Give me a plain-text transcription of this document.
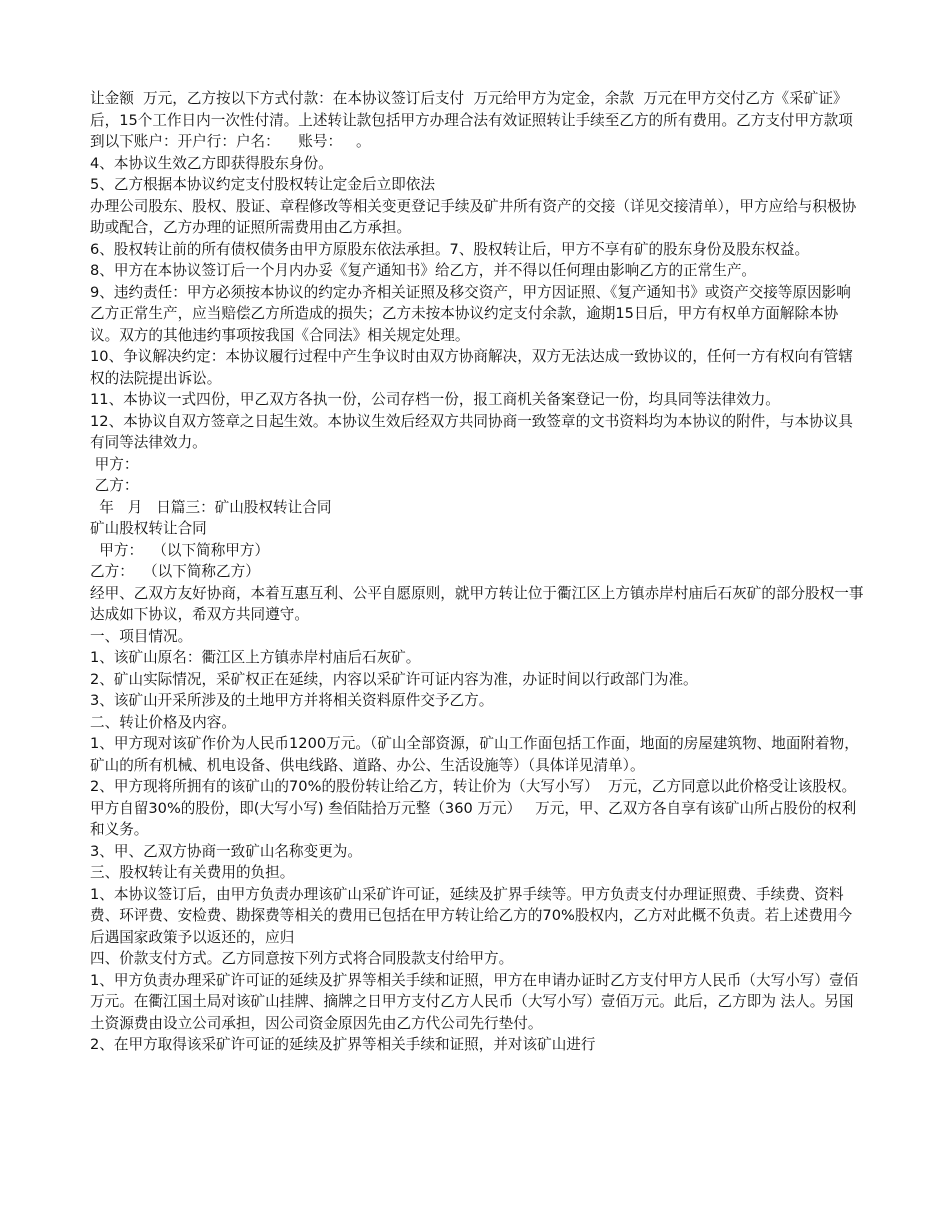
让金额  万元，乙方按以下方式付款：在本协议签订后支付  万元给甲方为定金，余款  万元在甲方交付乙方《采矿证》后，15个工作日内一次性付清。上述转让款包括甲方办理合法有效证照转让手续至乙方的所有费用。乙方支付甲方款项到以下账户：开户行：户名：    账号：   。

4、本协议生效乙方即获得股东身份。

5、乙方根据本协议约定支付股权转让定金后立即依法

办理公司股东、股权、股证、章程修改等相关变更登记手续及矿井所有资产的交接（详见交接清单），甲方应给与积极协助或配合，乙方办理的证照所需费用由乙方承担。

6、股权转让前的所有债权债务由甲方原股东依法承担。7、股权转让后，甲方不享有矿的股东身份及股东权益。

8、甲方在本协议签订后一个月内办妥《复产通知书》给乙方，并不得以任何理由影响乙方的正常生产。

9、违约责任：甲方必须按本协议的约定办齐相关证照及移交资产，甲方因证照、《复产通知书》或资产交接等原因影响乙方正常生产，应当赔偿乙方所造成的损失；乙方未按本协议约定支付余款，逾期15日后，甲方有权单方面解除本协议。双方的其他违约事项按我国《合同法》相关规定处理。

10、争议解决约定：本协议履行过程中产生争议时由双方协商解决，双方无法达成一致协议的，任何一方有权向有管辖权的法院提出诉讼。

11、本协议一式四份，甲乙双方各执一份，公司存档一份，报工商机关备案登记一份，均具同等法律效力。

12、本协议自双方签章之日起生效。本协议生效后经双方共同协商一致签章的文书资料均为本协议的附件，与本协议具有同等法律效力。

甲方：

乙方：

年   月   日篇三：矿山股权转让合同

矿山股权转让合同

甲方：  （以下简称甲方）

乙方：  （以下简称乙方）

经甲、乙双方友好协商，本着互惠互利、公平自愿原则，就甲方转让位于衢江区上方镇赤岸村庙后石灰矿的部分股权一事达成如下协议，希双方共同遵守。

一、项目情况。

1、该矿山原名：衢江区上方镇赤岸村庙后石灰矿。

2、矿山实际情况，采矿权正在延续，内容以采矿许可证内容为准，办证时间以行政部门为准。

3、该矿山开采所涉及的土地甲方并将相关资料原件交予乙方。

二、转让价格及内容。

1、甲方现对该矿作价为人民币1200万元。（矿山全部资源，矿山工作面包括工作面，地面的房屋建筑物、地面附着物，矿山的所有机械、机电设备、供电线路、道路、办公、生活设施等）（具体详见清单）。

2、甲方现将所拥有的该矿山的70%的股份转让给乙方，转让价为（大写小写）  万元，乙方同意以此价格受让该股权。甲方自留30%的股份，即(大写小写) 叁佰陆拾万元整（360 万元）   万元，甲、乙双方各自享有该矿山所占股份的权利和义务。

3、甲、乙双方协商一致矿山名称变更为。

三、股权转让有关费用的负担。

1、本协议签订后，由甲方负责办理该矿山采矿许可证，延续及扩界手续等。甲方负责支付办理证照费、手续费、资料费、环评费、安检费、勘探费等相关的费用已包括在甲方转让给乙方的70%股权内，乙方对此概不负责。若上述费用今后遇国家政策予以返还的，应归

四、价款支付方式。乙方同意按下列方式将合同股款支付给甲方。

1、甲方负责办理采矿许可证的延续及扩界等相关手续和证照，甲方在申请办证时乙方支付甲方人民币（大写小写）壹佰万元。在衢江国土局对该矿山挂牌、摘牌之日甲方支付乙方人民币（大写小写）壹佰万元。此后，乙方即为 法人。另国土资源费由设立公司承担，因公司资金原因先由乙方代公司先行垫付。

2、在甲方取得该采矿许可证的延续及扩界等相关手续和证照，并对该矿山进行
